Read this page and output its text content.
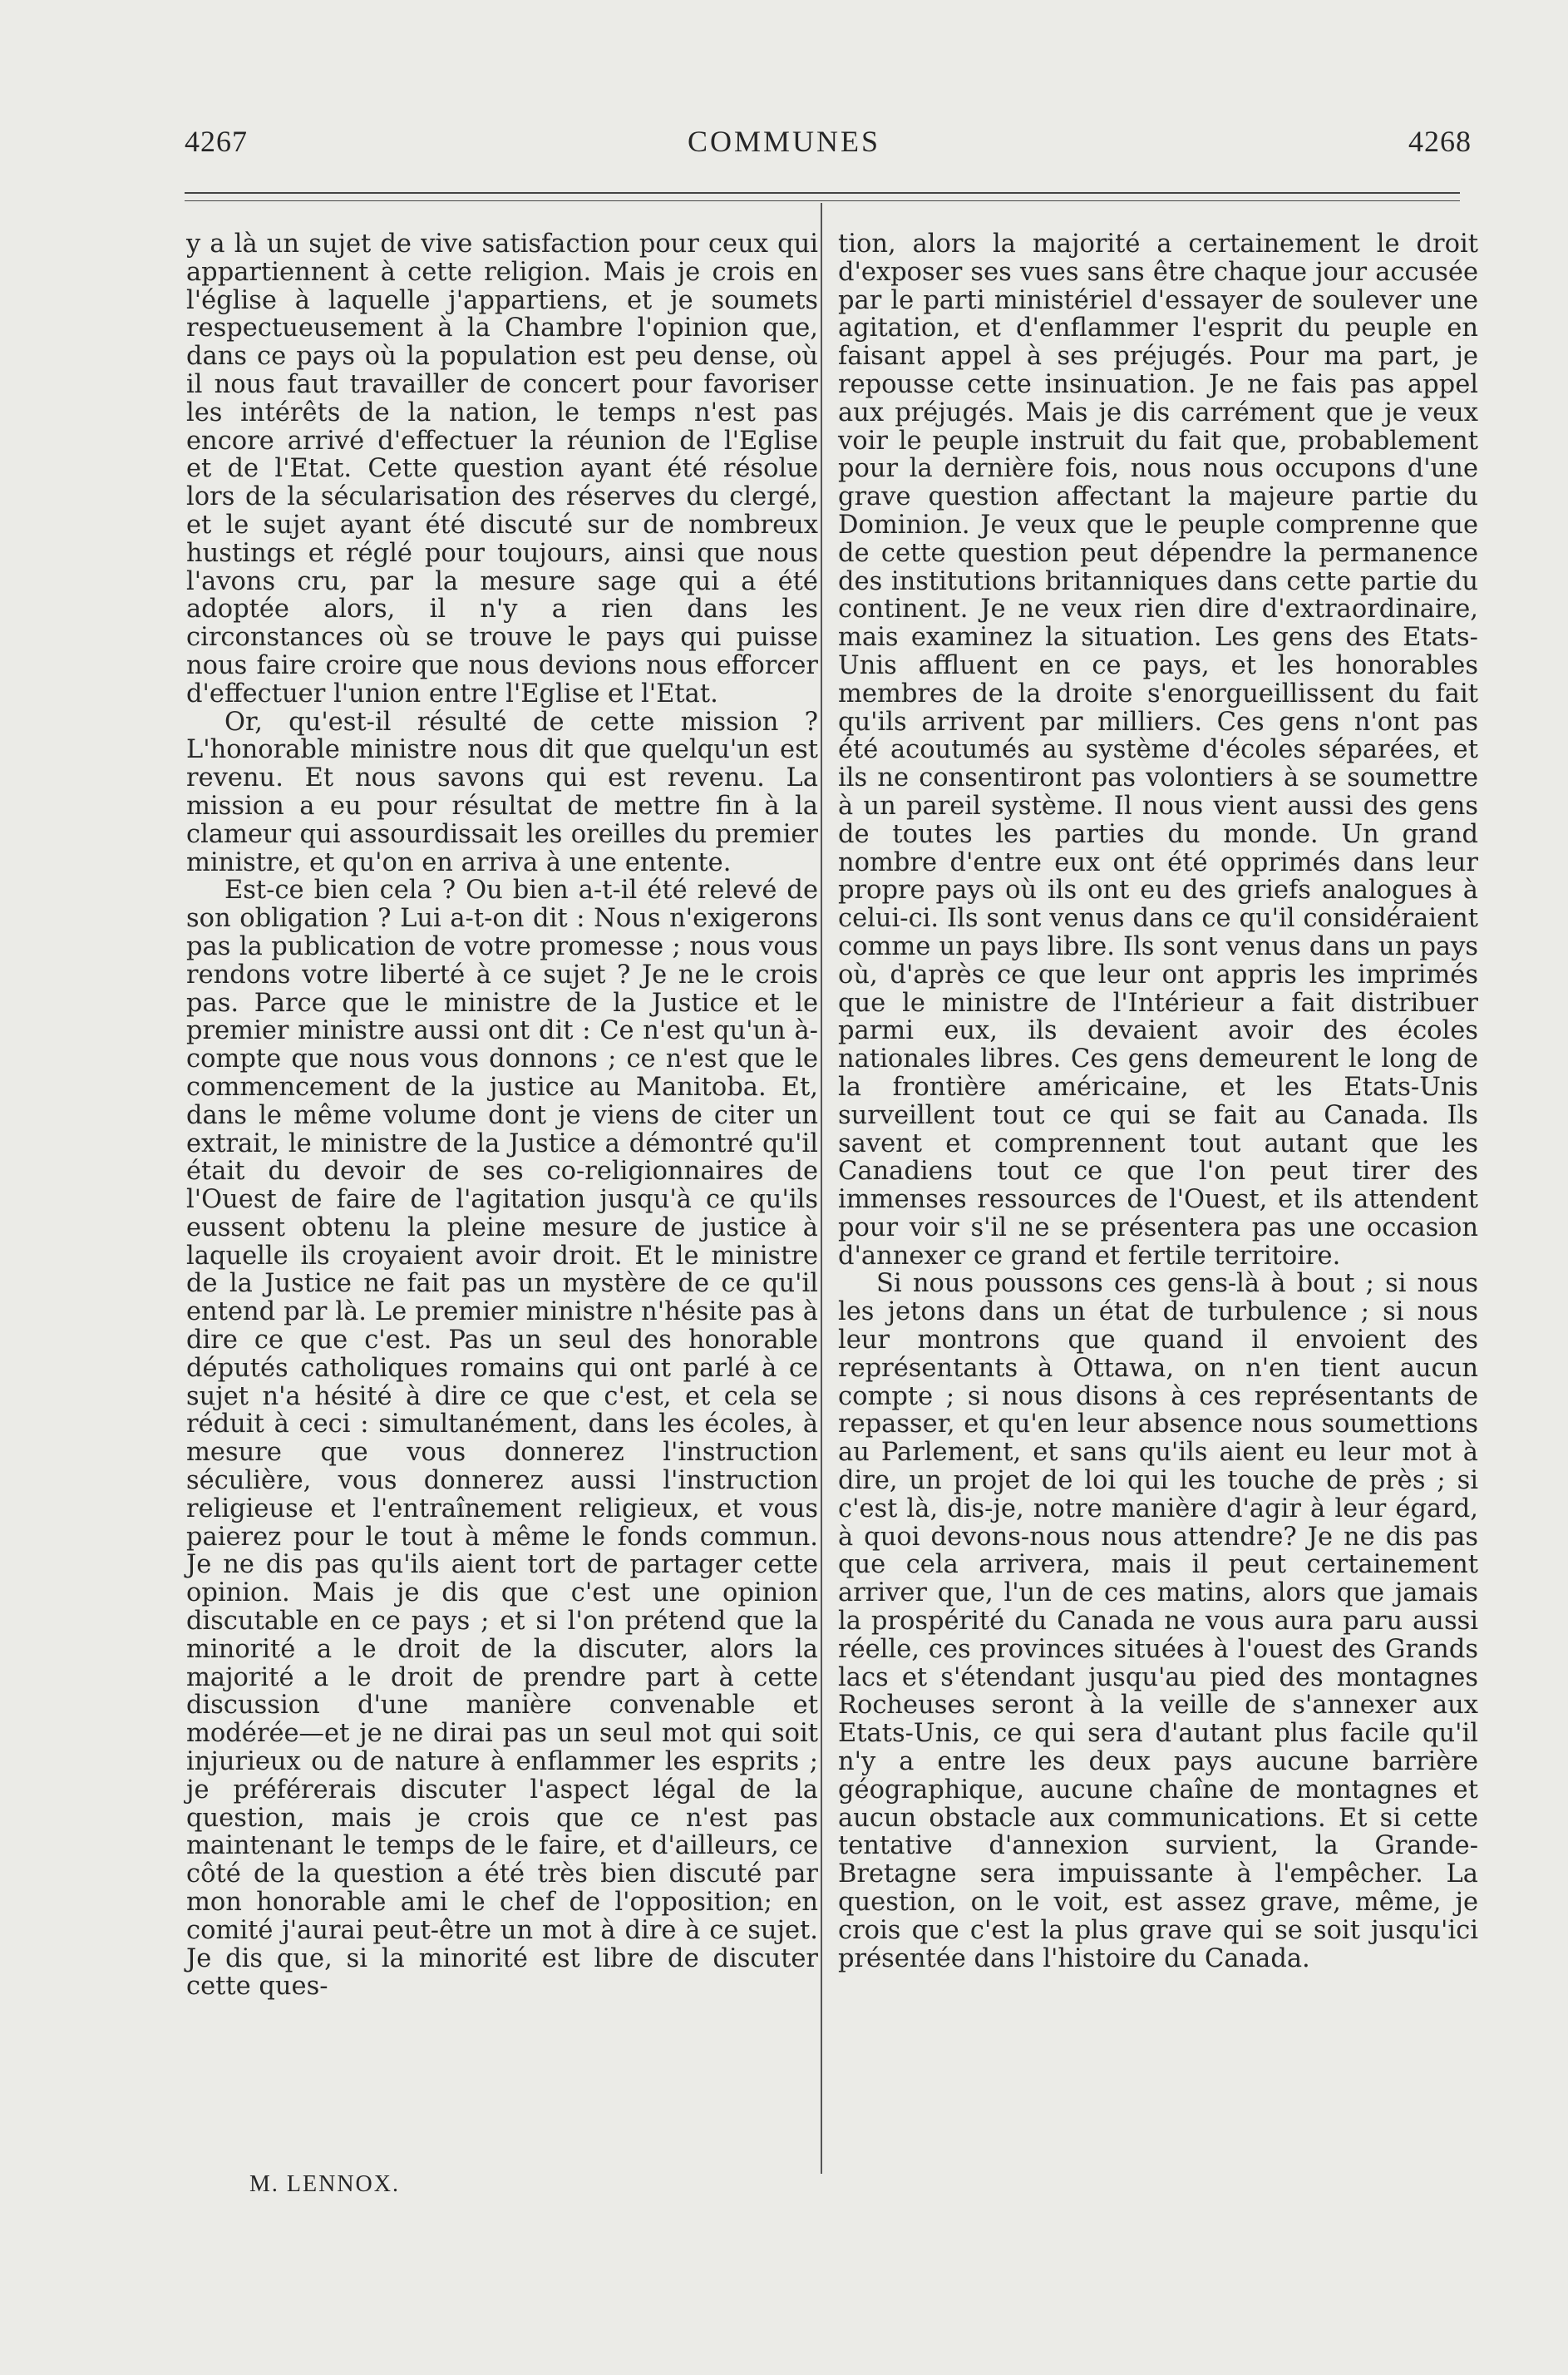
4267	COMMUNES	4268

y a là un sujet de vive satisfaction pour ceux qui appartiennent à cette religion. Mais je crois en l'église à laquelle j'appartiens, et je soumets respectueusement à la Chambre l'opinion que, dans ce pays où la population est peu dense, où il nous faut travailler de concert pour favoriser les intérêts de la nation, le temps n'est pas encore arrivé d'effectuer la réunion de l'Eglise et de l'Etat. Cette question ayant été résolue lors de la sécularisation des réserves du clergé, et le sujet ayant été discuté sur de nombreux hustings et réglé pour toujours, ainsi que nous l'avons cru, par la mesure sage qui a été adoptée alors, il n'y a rien dans les circonstances où se trouve le pays qui puisse nous faire croire que nous devions nous efforcer d'effectuer l'union entre l'Eglise et l'Etat.

Or, qu'est-il résulté de cette mission ? L'honorable ministre nous dit que quelqu'un est revenu. Et nous savons qui est revenu. La mission a eu pour résultat de mettre fin à la clameur qui assourdissait les oreilles du premier ministre, et qu'on en arriva à une entente.

Est-ce bien cela ? Ou bien a-t-il été relevé de son obligation ? Lui a-t-on dit : Nous n'exigerons pas la publication de votre promesse ; nous vous rendons votre liberté à ce sujet ? Je ne le crois pas. Parce que le ministre de la Justice et le premier ministre aussi ont dit : Ce n'est qu'un à-compte que nous vous donnons ; ce n'est que le commencement de la justice au Manitoba. Et, dans le même volume dont je viens de citer un extrait, le ministre de la Justice a démontré qu'il était du devoir de ses co-religionnaires de l'Ouest de faire de l'agitation jusqu'à ce qu'ils eussent obtenu la pleine mesure de justice à laquelle ils croyaient avoir droit. Et le ministre de la Justice ne fait pas un mystère de ce qu'il entend par là. Le premier ministre n'hésite pas à dire ce que c'est. Pas un seul des honorable députés catholiques romains qui ont parlé à ce sujet n'a hésité à dire ce que c'est, et cela se réduit à ceci : simultanément, dans les écoles, à mesure que vous donnerez l'instruction séculière, vous donnerez aussi l'instruction religieuse et l'entraînement religieux, et vous paierez pour le tout à même le fonds commun. Je ne dis pas qu'ils aient tort de partager cette opinion. Mais je dis que c'est une opinion discutable en ce pays ; et si l'on prétend que la minorité a le droit de la discuter, alors la majorité a le droit de prendre part à cette discussion d'une manière convenable et modérée—et je ne dirai pas un seul mot qui soit injurieux ou de nature à enflammer les esprits ; je préférerais discuter l'aspect légal de la question, mais je crois que ce n'est pas maintenant le temps de le faire, et d'ailleurs, ce côté de la question a été très bien discuté par mon honorable ami le chef de l'opposition; en comité j'aurai peut-être un mot à dire à ce sujet. Je dis que, si la minorité est libre de discuter cette ques-

tion, alors la majorité a certainement le droit d'exposer ses vues sans être chaque jour accusée par le parti ministériel d'essayer de soulever une agitation, et d'enflammer l'esprit du peuple en faisant appel à ses préjugés. Pour ma part, je repousse cette insinuation. Je ne fais pas appel aux préjugés. Mais je dis carrément que je veux voir le peuple instruit du fait que, probablement pour la dernière fois, nous nous occupons d'une grave question affectant la majeure partie du Dominion. Je veux que le peuple comprenne que de cette question peut dépendre la permanence des institutions britanniques dans cette partie du continent. Je ne veux rien dire d'extraordinaire, mais examinez la situation. Les gens des Etats-Unis affluent en ce pays, et les honorables membres de la droite s'enorgueillissent du fait qu'ils arrivent par milliers. Ces gens n'ont pas été acoutumés au système d'écoles séparées, et ils ne consentiront pas volontiers à se soumettre à un pareil système. Il nous vient aussi des gens de toutes les parties du monde. Un grand nombre d'entre eux ont été opprimés dans leur propre pays où ils ont eu des griefs analogues à celui-ci. Ils sont venus dans ce qu'il considéraient comme un pays libre. Ils sont venus dans un pays où, d'après ce que leur ont appris les imprimés que le ministre de l'Intérieur a fait distribuer parmi eux, ils devaient avoir des écoles nationales libres. Ces gens demeurent le long de la frontière américaine, et les Etats-Unis surveillent tout ce qui se fait au Canada. Ils savent et comprennent tout autant que les Canadiens tout ce que l'on peut tirer des immenses ressources de l'Ouest, et ils attendent pour voir s'il ne se présentera pas une occasion d'annexer ce grand et fertile territoire.

Si nous poussons ces gens-là à bout ; si nous les jetons dans un état de turbulence ; si nous leur montrons que quand il envoient des représentants à Ottawa, on n'en tient aucun compte ; si nous disons à ces représentants de repasser, et qu'en leur absence nous soumettions au Parlement, et sans qu'ils aient eu leur mot à dire, un projet de loi qui les touche de près ; si c'est là, dis-je, notre manière d'agir à leur égard, à quoi devons-nous nous attendre? Je ne dis pas que cela arrivera, mais il peut certainement arriver que, l'un de ces matins, alors que jamais la prospérité du Canada ne vous aura paru aussi réelle, ces provinces situées à l'ouest des Grands lacs et s'étendant jusqu'au pied des montagnes Rocheuses seront à la veille de s'annexer aux Etats-Unis, ce qui sera d'autant plus facile qu'il n'y a entre les deux pays aucune barrière géographique, aucune chaîne de montagnes et aucun obstacle aux communications. Et si cette tentative d'annexion survient, la Grande-Bretagne sera impuissante à l'empêcher. La question, on le voit, est assez grave, même, je crois que c'est la plus grave qui se soit jusqu'ici présentée dans l'histoire du Canada.

M. LENNOX.
